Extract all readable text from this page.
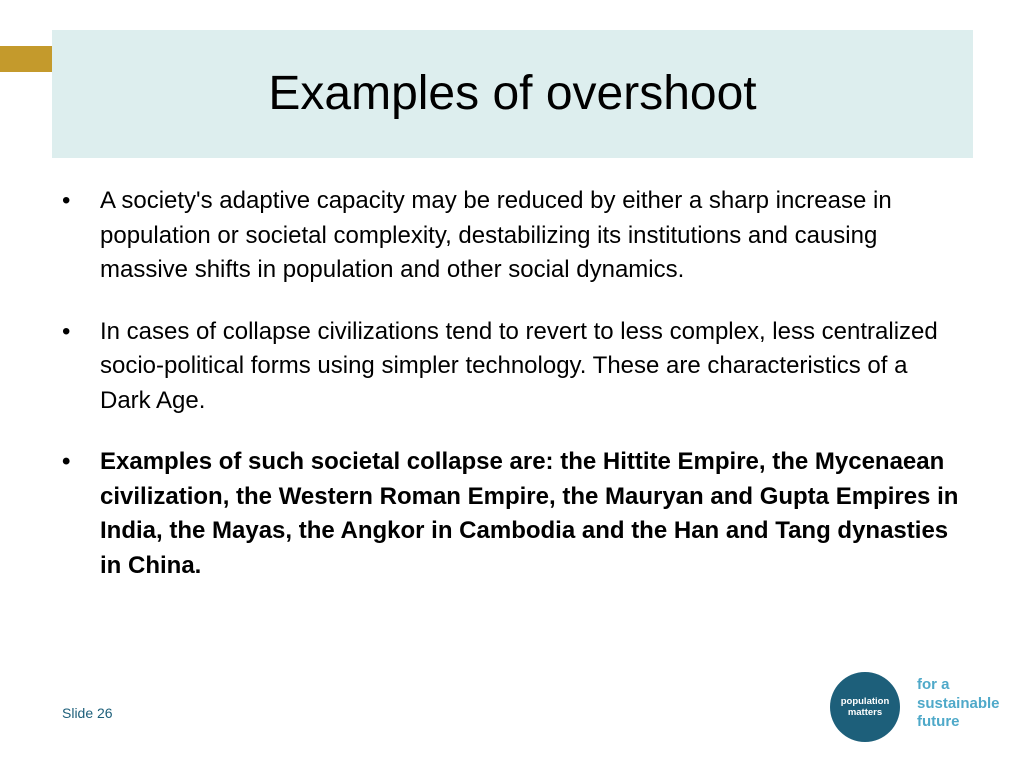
Examples of overshoot
• A society's adaptive capacity may be reduced by either a sharp increase in population or societal complexity, destabilizing its institutions and causing massive shifts in population and other social dynamics.
• In cases of collapse civilizations tend to revert to less complex, less centralized socio-political forms using simpler technology. These are characteristics of a Dark Age.
• Examples of such societal collapse are: the Hittite Empire, the Mycenaean civilization, the Western Roman Empire, the Mauryan and Gupta Empires in India, the Mayas, the Angkor in Cambodia and the Han and Tang dynasties in China.
Slide 26
population
matters
for a
sustainable
future
